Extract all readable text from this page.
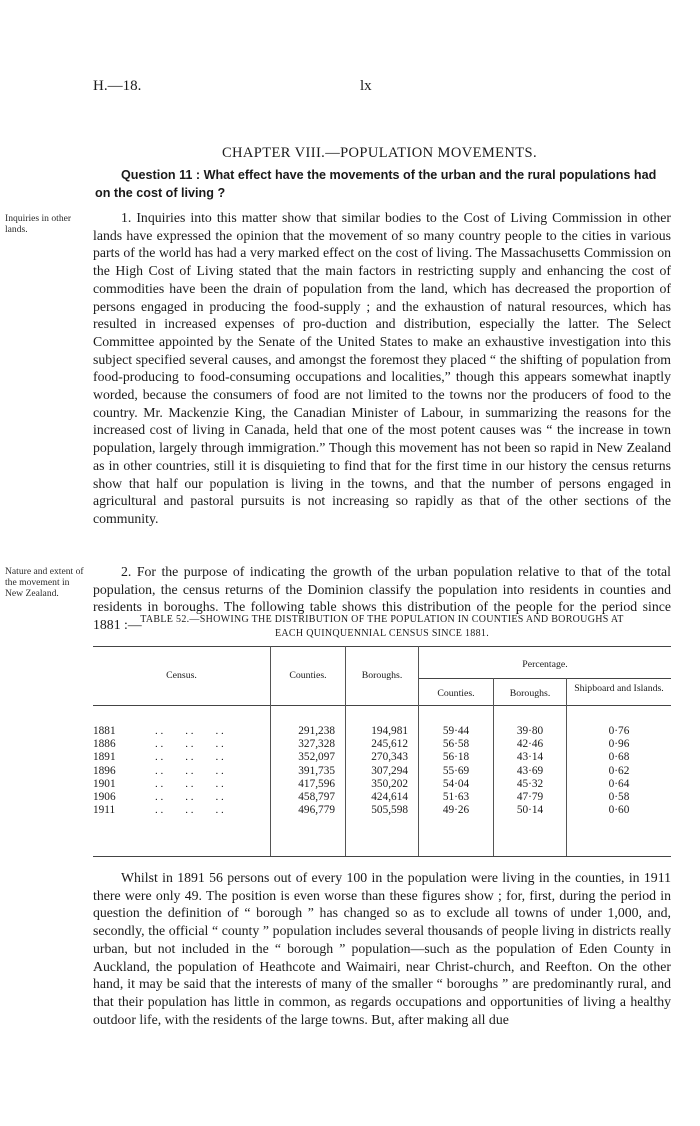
H.—18.	lx
CHAPTER VIII.—POPULATION MOVEMENTS.
Question 11 : What effect have the movements of the urban and the rural populations had on the cost of living ?
Inquiries in other lands.
1. Inquiries into this matter show that similar bodies to the Cost of Living Commission in other lands have expressed the opinion that the movement of so many country people to the cities in various parts of the world has had a very marked effect on the cost of living. The Massachusetts Commission on the High Cost of Living stated that the main factors in restricting supply and enhancing the cost of commodities have been the drain of population from the land, which has decreased the proportion of persons engaged in producing the food-supply ; and the exhaustion of natural resources, which has resulted in increased expenses of pro-duction and distribution, especially the latter. The Select Committee appointed by the Senate of the United States to make an exhaustive investigation into this subject specified several causes, and amongst the foremost they placed “ the shifting of population from food-producing to food-consuming occupations and localities,” though this appears somewhat inaptly worded, because the consumers of food are not limited to the towns nor the producers of food to the country. Mr. Mackenzie King, the Canadian Minister of Labour, in summarizing the reasons for the increased cost of living in Canada, held that one of the most potent causes was “ the increase in town population, largely through immigration.” Though this movement has not been so rapid in New Zealand as in other countries, still it is disquieting to find that for the first time in our history the census returns show that half our population is living in the towns, and that the number of persons engaged in agricultural and pastoral pursuits is not increasing so rapidly as that of the other sections of the community.
Nature and extent of the movement in New Zealand.
2. For the purpose of indicating the growth of the urban population relative to that of the total population, the census returns of the Dominion classify the population into residents in counties and residents in boroughs. The following table shows this distribution of the people for the period since 1881 :—
TABLE 52.—SHOWING THE DISTRIBUTION OF THE POPULATION IN COUNTIES AND BOROUGHS AT
EACH QUINQUENNIAL CENSUS SINCE 1881.
Census.	Counties.	Boroughs.
Percentage.
Counties.	Boroughs.	Shipboard and Islands.
1881	291,238	194,981	59·44	39·80	0·76
. .        . .        . .
1886	327,328	245,612	56·58	42·46	0·96
. .        . .        . .
1891	352,097	270,343	56·18	43·14	0·68
. .        . .        . .
1896	391,735	307,294	55·69	43·69	0·62
. .        . .        . .
1901	417,596	350,202	54·04	45·32	0·64
. .        . .        . .
1906	458,797	424,614	51·63	47·79	0·58
. .        . .        . .
1911	496,779	505,598	49·26	50·14	0·60
. .        . .        . .
Whilst in 1891 56 persons out of every 100 in the population were living in the counties, in 1911 there were only 49. The position is even worse than these figures show ; for, first, during the period in question the definition of “ borough ” has changed so as to exclude all towns of under 1,000, and, secondly, the official “ county ” population includes several thousands of people living in districts really urban, but not included in the “ borough ” population—such as the population of Eden County in Auckland, the population of Heathcote and Waimairi, near Christ-church, and Reefton. On the other hand, it may be said that the interests of many of the smaller “ boroughs ” are predominantly rural, and that their population has little in common, as regards occupations and opportunities of living a healthy outdoor life, with the residents of the large towns. But, after making all due
